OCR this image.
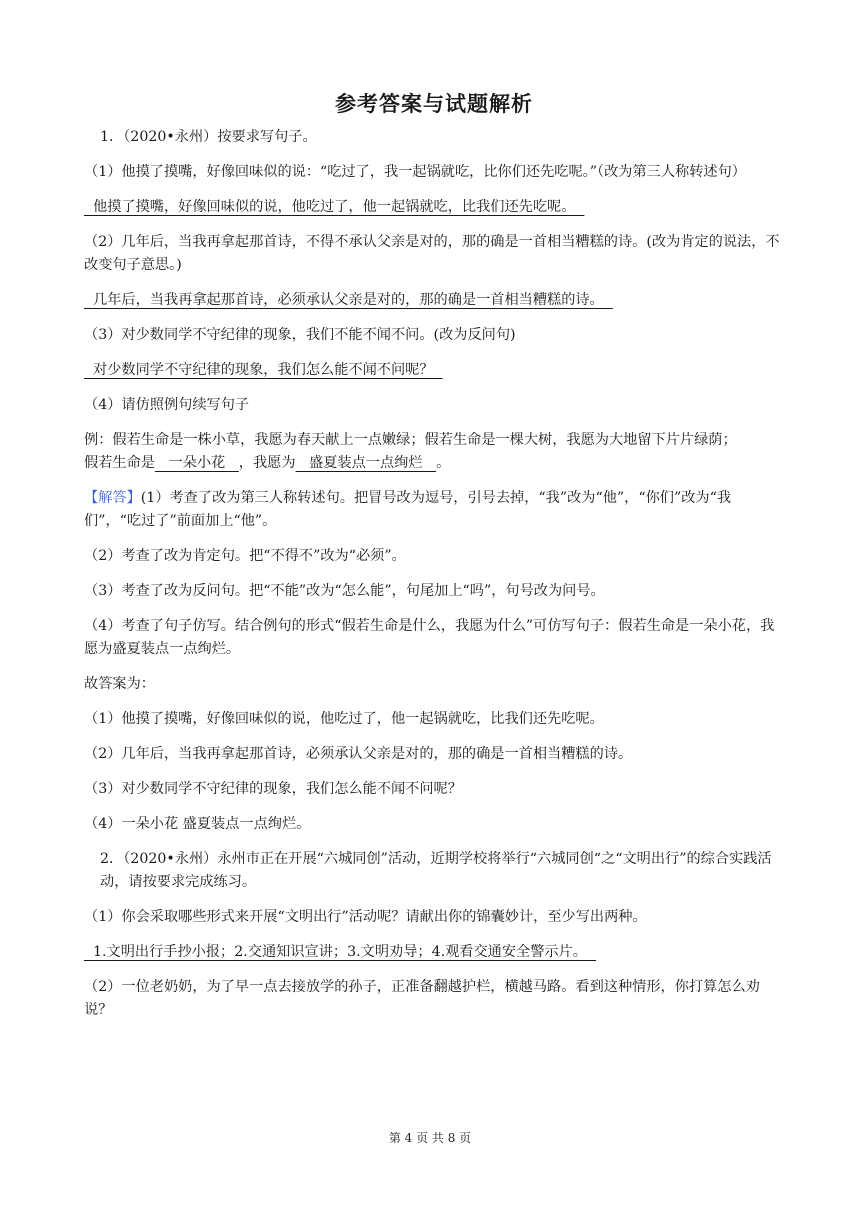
参考答案与试题解析
1．（2020•永州）按要求写句子。
（1）他摸了摸嘴，好像回味似的说：“吃过了，我一起锅就吃，比你们还先吃呢。”（改为第三人称转述句）
他摸了摸嘴，好像回味似的说，他吃过了，他一起锅就吃，比我们还先吃呢。
（2）几年后，当我再拿起那首诗，不得不承认父亲是对的，那的确是一首相当糟糕的诗。(改为肯定的说法，不改变句子意思。)
几年后，当我再拿起那首诗，必须承认父亲是对的，那的确是一首相当糟糕的诗。
（3）对少数同学不守纪律的现象，我们不能不闻不问。(改为反问句)
对少数同学不守纪律的现象，我们怎么能不闻不问呢？
（4）请仿照例句续写句子
例：假若生命是一株小草，我愿为春天献上一点嫩绿；假若生命是一棵大树，我愿为大地留下片片绿荫；
假若生命是   一朵小花   ，我愿为   盛夏装点一点绚烂   。
【解答】(1）考查了改为第三人称转述句。把冒号改为逗号，引号去掉，“我”改为“他”，“你们”改为“我们”，“吃过了”前面加上“他”。
（2）考查了改为肯定句。把“不得不”改为“必须”。
（3）考查了改为反问句。把“不能”改为“怎么能”，句尾加上“吗”，句号改为问号。
（4）考查了句子仿写。结合例句的形式“假若生命是什么，我愿为什么”可仿写句子：假若生命是一朵小花，我愿为盛夏装点一点绚烂。
故答案为：
（1）他摸了摸嘴，好像回味似的说，他吃过了，他一起锅就吃，比我们还先吃呢。
（2）几年后，当我再拿起那首诗，必须承认父亲是对的，那的确是一首相当糟糕的诗。
（3）对少数同学不守纪律的现象，我们怎么能不闻不问呢？
（4）一朵小花 盛夏装点一点绚烂。
2．（2020•永州）永州市正在开展“六城同创”活动，近期学校将举行“六城同创“之“文明出行”的综合实践活动，请按要求完成练习。
（1）你会采取哪些形式来开展“文明出行”活动呢？请献出你的锦囊妙计，至少写出两种。
1.文明出行手抄小报；2.交通知识宣讲；3.文明劝导；4.观看交通安全警示片。
（2）一位老奶奶，为了早一点去接放学的孙子，正准备翻越护栏，横越马路。看到这种情形，你打算怎么劝说？
第 4 页 共 8 页
